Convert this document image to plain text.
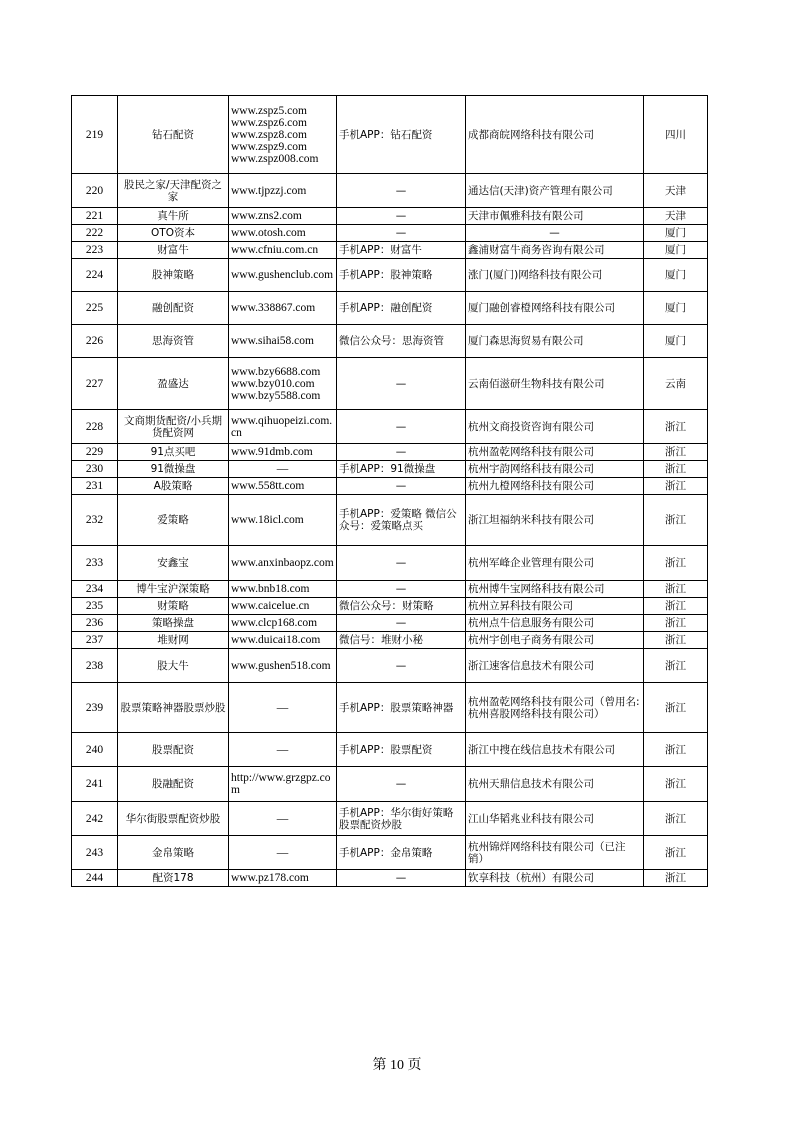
219	钻石配资	www.zspz5.com
www.zspz6.com
www.zspz8.com
www.zspz9.com
www.zspz008.com	手机APP：钻石配资	成都商皖网络科技有限公司	四川
220	股民之家/天津配资之家	www.tjpzzj.com	—	通达信(天津)资产管理有限公司	天津
221	真牛所	www.zns2.com	—	天津市佩雅科技有限公司	天津
222	OTO资本	www.otosh.com	—	—	厦门
223	财富牛	www.cfniu.com.cn	手机APP：财富牛	鑫浦财富牛商务咨询有限公司	厦门
224	股神策略	www.gushenclub.com	手机APP：股神策略	涨门(厦门)网络科技有限公司	厦门
225	融创配资	www.338867.com	手机APP：融创配资	厦门融创睿橙网络科技有限公司	厦门
226	思海资管	www.sihai58.com	微信公众号：思海资管	厦门森思海贸易有限公司	厦门
227	盈盛达	www.bzy6688.com
www.bzy010.com
www.bzy5588.com	—	云南佰滋研生物科技有限公司	云南
228	文商期货配资/小兵期货配资网	www.qihuopeizi.com.cn	—	杭州文商投资咨询有限公司	浙江
229	91点买吧	www.91dmb.com	—	杭州盈乾网络科技有限公司	浙江
230	91微操盘	—	手机APP：91微操盘	杭州宇韵网络科技有限公司	浙江
231	A股策略	www.558tt.com	—	杭州九橙网络科技有限公司	浙江
232	爱策略	www.18icl.com	手机APP：爱策略 微信公众号：爱策略点买	浙江坦福纳米科技有限公司	浙江
233	安鑫宝	www.anxinbaopz.com	—	杭州军峰企业管理有限公司	浙江
234	博牛宝沪深策略	www.bnb18.com	—	杭州博牛宝网络科技有限公司	浙江
235	财策略	www.caicelue.cn	微信公众号：财策略	杭州立昇科技有限公司	浙江
236	策略操盘	www.clcp168.com	—	杭州点牛信息服务有限公司	浙江
237	堆财网	www.duicai18.com	微信号：堆财小秘	杭州宇创电子商务有限公司	浙江
238	股大牛	www.gushen518.com	—	浙江速客信息技术有限公司	浙江
239	股票策略神器股票炒股	—	手机APP：股票策略神器	杭州盈乾网络科技有限公司（曾用名:杭州喜股网络科技有限公司）	浙江
240	股票配资	—	手机APP：股票配资	浙江中搜在线信息技术有限公司	浙江
241	股融配资	http://www.grzgpz.com	—	杭州天鼎信息技术有限公司	浙江
242	华尔街股票配资炒股	—	手机APP：华尔街好策略股票配资炒股	江山华韬兆业科技有限公司	浙江
243	金帛策略	—	手机APP：金帛策略	杭州锦烊网络科技有限公司（已注销）	浙江
244	配资178	www.pz178.com	—	钦享科技（杭州）有限公司	浙江
第 10 页
